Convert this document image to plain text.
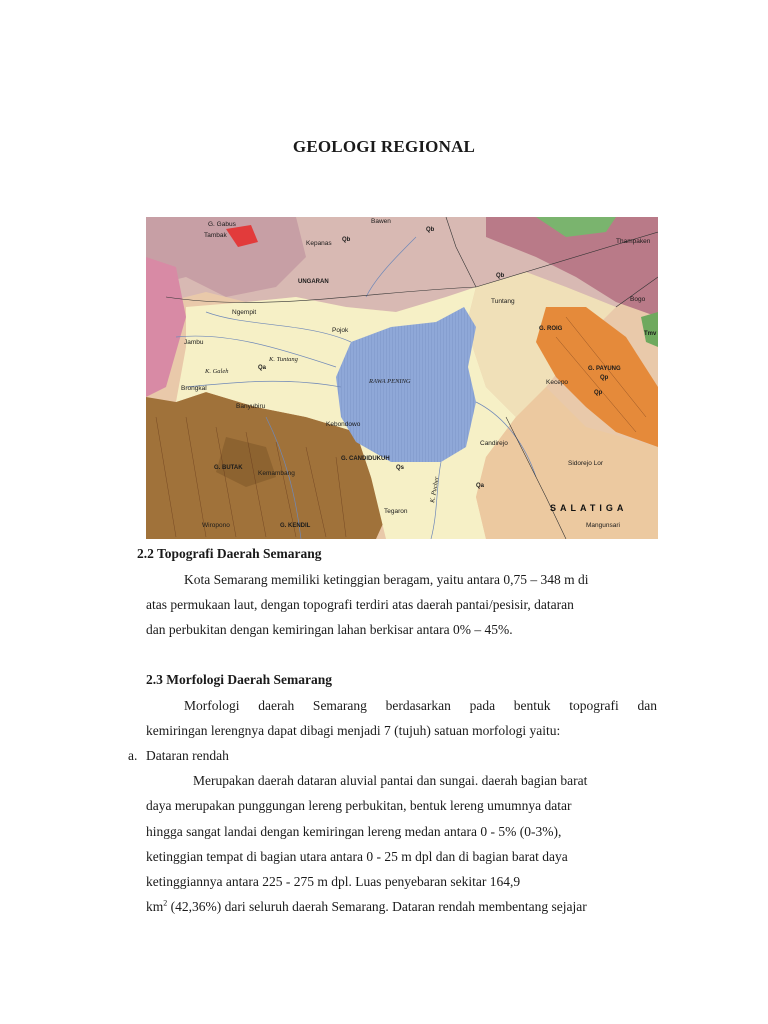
GEOLOGI REGIONAL
G. Gabus
Tambak
Kepanas Qb
Qb
Qb
Bawen
Thampaken
UNGARAN
Ngempit
Tuntang	Bogo
Pojok	G. ROIG
Tmv
Jambu
K. Tuntang
K. Galeh	Qa
Qa
RAWA PENING
G. PAYUNG
Brongkal
Kecepo
Qp
Qp
Banyubiru
Kebondowo
Candirejo
G. BUTAK
Kemambang
G. CANDIDUKUH
Sidorejo Lor
K. Pucher
Qs
Tegaron	SALATIGA
Wiropono	G. KENDIL	Mangunsari
2.2 Topografi Daerah Semarang
Kota Semarang memiliki ketinggian beragam, yaitu antara 0,75 – 348 m di
atas permukaan laut, dengan topografi terdiri atas daerah pantai/pesisir, dataran
dan perbukitan dengan kemiringan lahan berkisar antara 0% – 45%.
2.3 Morfologi Daerah Semarang
Morfologi daerah Semarang berdasarkan pada bentuk topografi dan
kemiringan lerengnya dapat dibagi menjadi 7 (tujuh) satuan morfologi yaitu:
a. Dataran rendah
Merupakan daerah dataran aluvial pantai dan sungai. daerah bagian barat
daya merupakan punggungan lereng perbukitan, bentuk lereng umumnya datar
hingga sangat landai dengan kemiringan lereng medan antara 0 - 5% (0-3%),
ketinggian tempat di bagian utara antara 0 - 25 m dpl dan di bagian barat daya
ketinggiannya antara 225 - 275 m dpl. Luas penyebaran sekitar 164,9
$km^2$ (42,36%) dari seluruh daerah Semarang. Dataran rendah membentang sejajar
